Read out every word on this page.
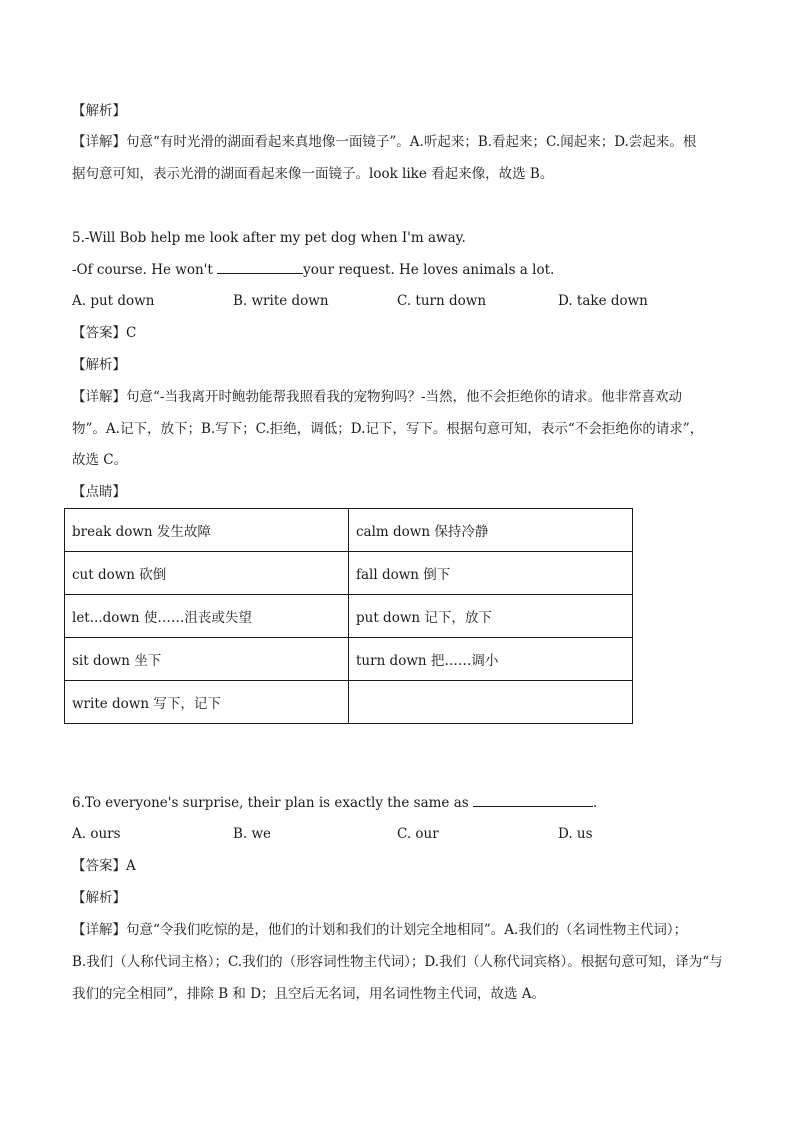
【解析】
【详解】句意“有时光滑的湖面看起来真地像一面镜子”。A.听起来；B.看起来；C.闻起来；D.尝起来。根
据句意可知，表示光滑的湖面看起来像一面镜子。look like 看起来像，故选 B。
5.-Will Bob help me look after my pet dog when I'm away.
-Of course. He won't	your request. He loves animals a lot.
A. put down	B. write down	C. turn down	D. take down
【答案】C
【解析】
【详解】句意“-当我离开时鲍勃能帮我照看我的宠物狗吗？-当然，他不会拒绝你的请求。他非常喜欢动
物”。A.记下，放下；B.写下；C.拒绝，调低；D.记下，写下。根据句意可知，表示“不会拒绝你的请求”，
故选 C。
【点睛】
break down 发生故障	calm down 保持冷静
cut down 砍倒	fall down 倒下
let...down 使……沮丧或失望	put down 记下，放下
sit down 坐下	turn down 把……调小
write down 写下，记下	
6.To everyone's surprise, their plan is exactly the same as	.
A. ours	B. we	C. our	D. us
【答案】A
【解析】
【详解】句意“令我们吃惊的是，他们的计划和我们的计划完全地相同”。A.我们的（名词性物主代词）；
B.我们（人称代词主格）；C.我们的（形容词性物主代词）；D.我们（人称代词宾格）。根据句意可知，译为“与
我们的完全相同”，排除 B 和 D；且空后无名词，用名词性物主代词，故选 A。
